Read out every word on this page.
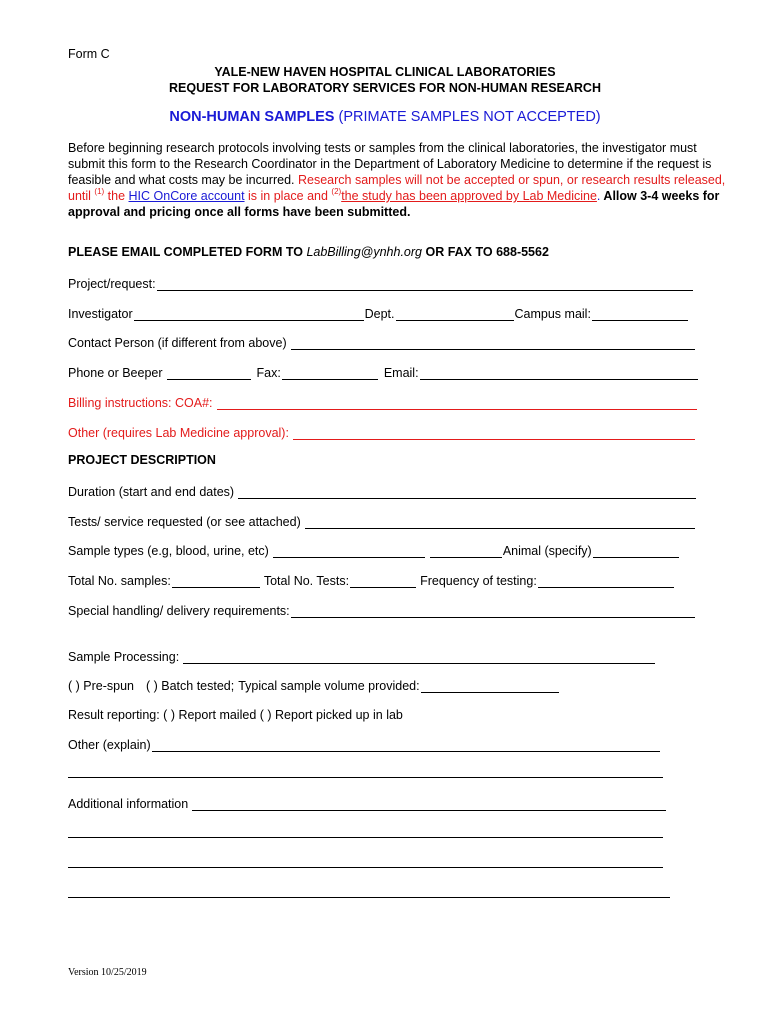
Form C
YALE-NEW HAVEN HOSPITAL CLINICAL LABORATORIES
REQUEST FOR LABORATORY SERVICES FOR NON-HUMAN RESEARCH
NON-HUMAN SAMPLES (PRIMATE SAMPLES NOT ACCEPTED)
Before beginning research protocols involving tests or samples from the clinical laboratories, the investigator must submit this form to the Research Coordinator in the Department of Laboratory Medicine to determine if the request is feasible and what costs may be incurred. Research samples will not be accepted or spun, or research results released, until $^{(1)}$ the HIC OnCore account is in place and $^{(2)}$the study has been approved by Lab Medicine. Allow 3-4 weeks for approval and pricing once all forms have been submitted.
PLEASE EMAIL COMPLETED FORM TO LabBilling@ynhh.org OR FAX TO 688-5562
Project/request:
Investigator	Dept.	Campus mail:
Contact Person (if different from above)
Phone or Beeper	Fax:	Email:
Billing instructions: COA#:
Other (requires Lab Medicine approval):
PROJECT DESCRIPTION
Duration (start and end dates)
Tests/ service requested (or see attached)
Sample types (e.g, blood, urine, etc)	Animal (specify)
Total No. samples:	Total No. Tests:	Frequency of testing:
Special handling/ delivery requirements:
Sample Processing:
( ) Pre-spun ( ) Batch tested; Typical sample volume provided:
Result reporting: ( ) Report mailed ( ) Report picked up in lab
Other (explain)
Additional information
Version 10/25/2019
